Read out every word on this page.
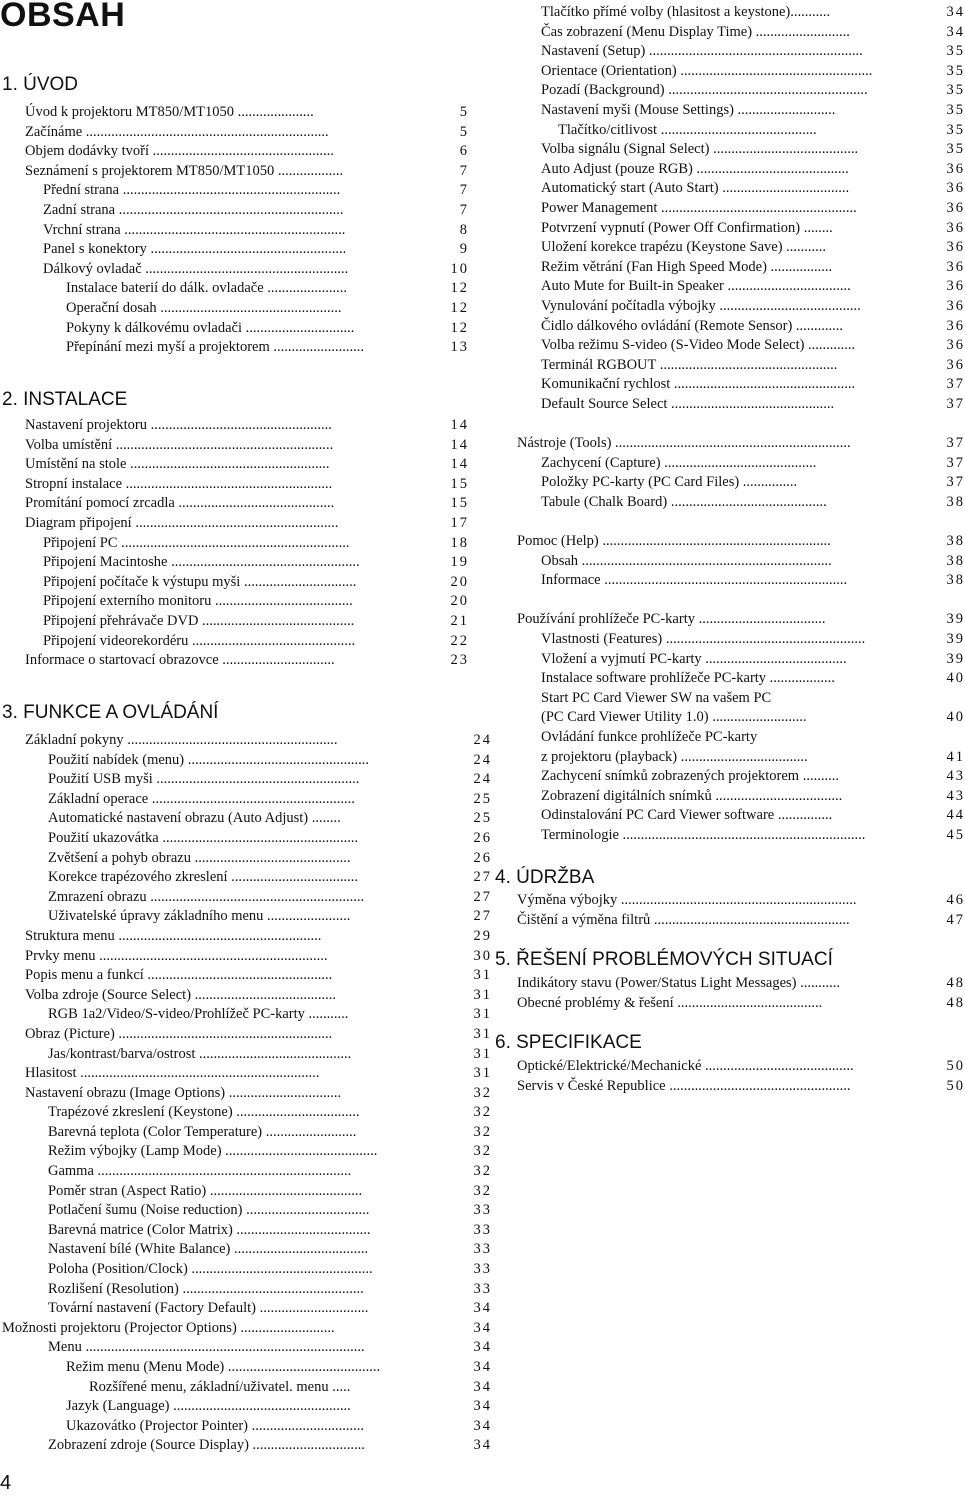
OBSAH
1. ÚVOD
Úvod k projektoru MT850/MT1050 .....................	5
Začínáme ...................................................................	5
Objem dodávky tvoří ..................................................	6
Seznámení s projektorem MT850/MT1050 ..................	7
Přední strana ............................................................	7
Zadní strana ..............................................................	7
Vrchní strana .............................................................	8
Panel s konektory ......................................................	9
Dálkový ovladač ........................................................	10
Instalace baterií do dálk. ovladače ......................	12
Operační dosah ..................................................	12
Pokyny k dálkovému ovladači ..............................	12
Přepínání mezi myší a projektorem .........................	13
2. INSTALACE
Nastavení projektoru ..................................................	14
Volba umístění ............................................................	14
Umístění na stole .......................................................	14
Stropní instalace .........................................................	15
Promítání pomocí zrcadla ...........................................	15
Diagram připojení ........................................................	17
Připojení PC ...............................................................	18
Připojení Macintoshe ....................................................	19
Připojení počítače k výstupu myši ...............................	20
Připojení externího monitoru ......................................	20
Připojení přehrávače DVD ..........................................	21
Připojení videorekordéru .............................................	22
Informace o startovací obrazovce ...............................	23
3. FUNKCE A OVLÁDÁNÍ
Základní pokyny ..........................................................	24
Použití nabídek (menu) ..................................................	24
Použití USB myši ........................................................	24
Základní operace ........................................................	25
Automatické nastavení obrazu (Auto Adjust) ........	25
Použití ukazovátka ......................................................	26
Zvětšení a pohyb obrazu ...........................................	26
Korekce trapézového zkreslení ...................................	27
Zmrazení obrazu ...........................................................	27
Uživatelské úpravy základního menu .......................	27
Struktura menu ........................................................	29
Prvky menu ...............................................................	30
Popis menu a funkcí ...................................................	31
Volba zdroje (Source Select) .......................................	31
RGB 1a2/Video/S-video/Prohlížeč PC-karty ...........	31
Obraz (Picture) ...........................................................	31
Jas/kontrast/barva/ostrost ..........................................	31
Hlasitost ..................................................................	31
Nastavení obrazu (Image Options) ...............................	32
Trapézové zkreslení (Keystone) ..................................	32
Barevná teplota (Color Temperature) .........................	32
Režim výbojky (Lamp Mode) ..........................................	32
Gamma ......................................................................	32
Poměr stran (Aspect Ratio) ..........................................	32
Potlačení šumu (Noise reduction) ..................................	33
Barevná matrice (Color Matrix) .....................................	33
Nastavení bílé (White Balance) .....................................	33
Poloha (Position/Clock) ..................................................	33
Rozlišení (Resolution) ..................................................	33
Tovární nastavení (Factory Default) ..............................	34
Možnosti projektoru (Projector Options) ..........................	34
Menu .............................................................................	34
Režim menu (Menu Mode) ..........................................	34
Rozšířené menu, základní/uživatel. menu .....	34
Jazyk (Language) .................................................	34
Ukazovátko (Projector Pointer) ...............................	34
Zobrazení zdroje (Source Display) ...............................	34
Tlačítko přímé volby (hlasitost a keystone)...........	34
Čas zobrazení (Menu Display Time) ..........................	34
Nastavení (Setup) ...........................................................	35
Orientace (Orientation) .....................................................	35
Pozadí (Background) .......................................................	35
Nastavení myši (Mouse Settings) ...........................	35
Tlačítko/citlivost ...........................................	35
Volba signálu (Signal Select) ........................................	35
Auto Adjust (pouze RGB) ..........................................	36
Automatický start (Auto Start) ...................................	36
Power Management ......................................................	36
Potvrzení vypnutí (Power Off Confirmation) ........	36
Uložení korekce trapézu (Keystone Save) ...........	36
Režim větrání (Fan High Speed Mode) .................	36
Auto Mute for Built-in Speaker ..................................	36
Vynulování počítadla výbojky .......................................	36
Čidlo dálkového ovládání (Remote Sensor) .............	36
Volba režimu S-video (S-Video Mode Select) .............	36
Terminál RGBOUT .................................................	36
Komunikační rychlost ..................................................	37
Default Source Select .............................................	37
Nástroje (Tools) .................................................................	37
Zachycení (Capture) ..........................................	37
Položky PC-karty (PC Card Files) ...............	37
Tabule (Chalk Board) ...........................................	38
Pomoc (Help) ...............................................................	38
Obsah .....................................................................	38
Informace ...................................................................	38
Používání prohlížeče PC-karty ...................................	39
Vlastnosti (Features) .......................................................	39
Vložení a vyjmutí PC-karty .......................................	39
Instalace software prohlížeče PC-karty ..................	40
Start PC Card Viewer SW na vašem PC
(PC Card Viewer Utility 1.0) ..........................	40
Ovládání funkce prohlížeče PC-karty
z projektoru (playback) ...................................	41
Zachycení snímků zobrazených projektorem ..........	43
Zobrazení digitálních snímků ...................................	43
Odinstalování PC Card Viewer software ...............	44
Terminologie ...................................................................	45
4. ÚDRŽBA
Výměna výbojky .................................................................	46
Čištění a výměna filtrů ......................................................	47
5. ŘEŠENÍ PROBLÉMOVÝCH SITUACÍ
Indikátory stavu (Power/Status Light Messages) ...........	48
Obecné problémy & řešení ........................................	48
6. SPECIFIKACE
Optické/Elektrické/Mechanické .........................................	50
Servis v České Republice ..................................................	50
4
